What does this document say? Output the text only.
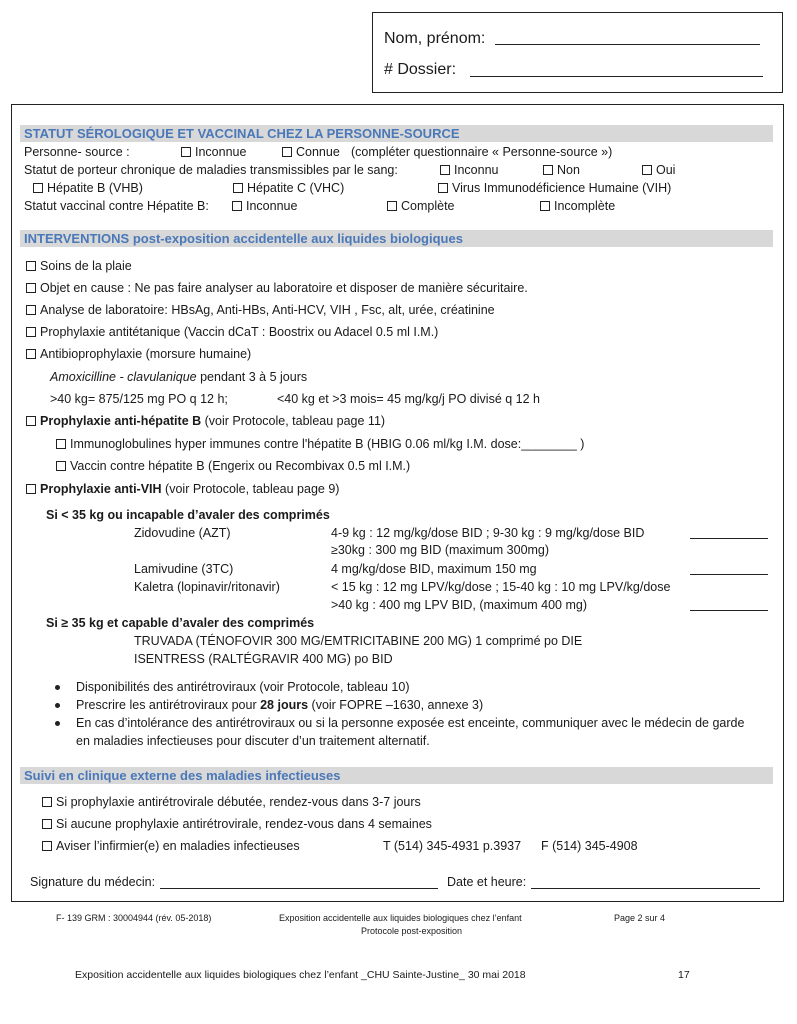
Nom, prénom:
# Dossier:
STATUT SÉROLOGIQUE ET VACCINAL CHEZ LA PERSONNE-SOURCE
Personne- source :	Inconnue	Connue (compléter questionnaire « Personne-source »)
Statut de porteur chronique de maladies transmissibles par le sang:	Inconnu	Non	Oui
Hépatite B (VHB)	Hépatite C (VHC)	Virus Immunodéficience Humaine (VIH)
Statut vaccinal contre Hépatite B:	Inconnue	Complète	Incomplète
INTERVENTIONS post-exposition accidentelle aux liquides biologiques
Soins de la plaie
Objet en cause : Ne pas faire analyser au laboratoire et disposer de manière sécuritaire.
Analyse de laboratoire: HBsAg, Anti-HBs, Anti-HCV, VIH , Fsc, alt, urée, créatinine
Prophylaxie antitétanique (Vaccin dCaT : Boostrix ou Adacel 0.5 ml I.M.)
Antibioprophylaxie (morsure humaine)
Amoxicilline - clavulanique pendant 3 à 5 jours
>40 kg= 875/125 mg PO q 12 h;	<40 kg et >3 mois= 45 mg/kg/j PO divisé q 12 h
Prophylaxie anti-hépatite B (voir Protocole, tableau page 11)
Immunoglobulines hyper immunes contre l'hépatite B (HBIG 0.06 ml/kg I.M. dose:________ )
Vaccin contre hépatite B (Engerix ou Recombivax 0.5 ml I.M.)
Prophylaxie anti-VIH (voir Protocole, tableau page 9)
Si < 35 kg ou incapable d’avaler des comprimés
Zidovudine (AZT)	4-9 kg : 12 mg/kg/dose BID ; 9-30 kg : 9 mg/kg/dose BID
≥30kg : 300 mg BID (maximum 300mg)
Lamivudine (3TC)	4 mg/kg/dose BID, maximum 150 mg
Kaletra (lopinavir/ritonavir)	< 15 kg : 12 mg LPV/kg/dose ; 15-40 kg : 10 mg LPV/kg/dose
>40 kg : 400 mg LPV BID, (maximum 400 mg)
Si ≥ 35 kg et capable d’avaler des comprimés
TRUVADA (TÉNOFOVIR 300 MG/EMTRICITABINE 200 MG) 1 comprimé po DIE
ISENTRESS (RALTÉGRAVIR 400 MG) po BID
Disponibilités des antirétroviraux (voir Protocole, tableau 10)
Prescrire les antirétroviraux pour 28 jours (voir FOPRE –1630, annexe 3)
En cas d’intolérance des antirétroviraux ou si la personne exposée est enceinte, communiquer avec le médecin de garde
en maladies infectieuses pour discuter d’un traitement alternatif.
Suivi en clinique externe des maladies infectieuses
Si prophylaxie antirétrovirale débutée, rendez-vous dans 3-7 jours
Si aucune prophylaxie antirétrovirale, rendez-vous dans 4 semaines
Aviser l’infirmier(e) en maladies infectieuses	T (514) 345-4931 p.3937 F (514) 345-4908
Signature du médecin:	Date et heure:
F- 139 GRM : 30004944 (rév. 05-2018)	Exposition accidentelle aux liquides biologiques chez l’enfant
Protocole post-exposition
Page 2 sur 4
Exposition accidentelle aux liquides biologiques chez l’enfant _CHU Sainte-Justine_ 30 mai 2018	17
